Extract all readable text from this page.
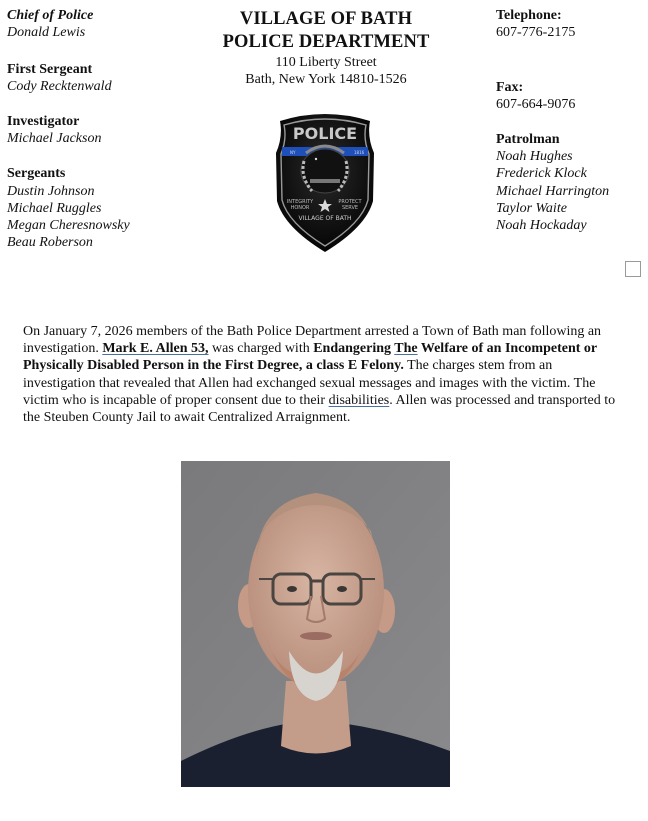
Chief of Police
Donald Lewis
First Sergeant
Cody Recktenwald
Investigator
Michael Jackson
Sergeants
Dustin Johnson
Michael Ruggles
Megan Cheresnowsky
Beau Roberson
VILLAGE OF BATH
POLICE DEPARTMENT
110 Liberty Street
Bath, New York 14810-1526
Telephone:
607-776-2175
Fax:
607-664-9076
Patrolman
Noah Hughes
Frederick Klock
Michael Harrington
Taylor Waite
Noah Hockaday
POLICE
NY	1816
INTEGRITY
HONOR
PROTECT
SERVE
VILLAGE OF BATH
On January 7, 2026 members of the Bath Police Department arrested a Town of Bath man following an investigation. Mark E. Allen 53, was charged with Endangering The Welfare of an Incompetent or Physically Disabled Person in the First Degree, a class E Felony. The charges stem from an investigation that revealed that Allen had exchanged sexual messages and images with the victim. The victim who is incapable of proper consent due to their disabilities. Allen was processed and transported to the Steuben County Jail to await Centralized Arraignment.
